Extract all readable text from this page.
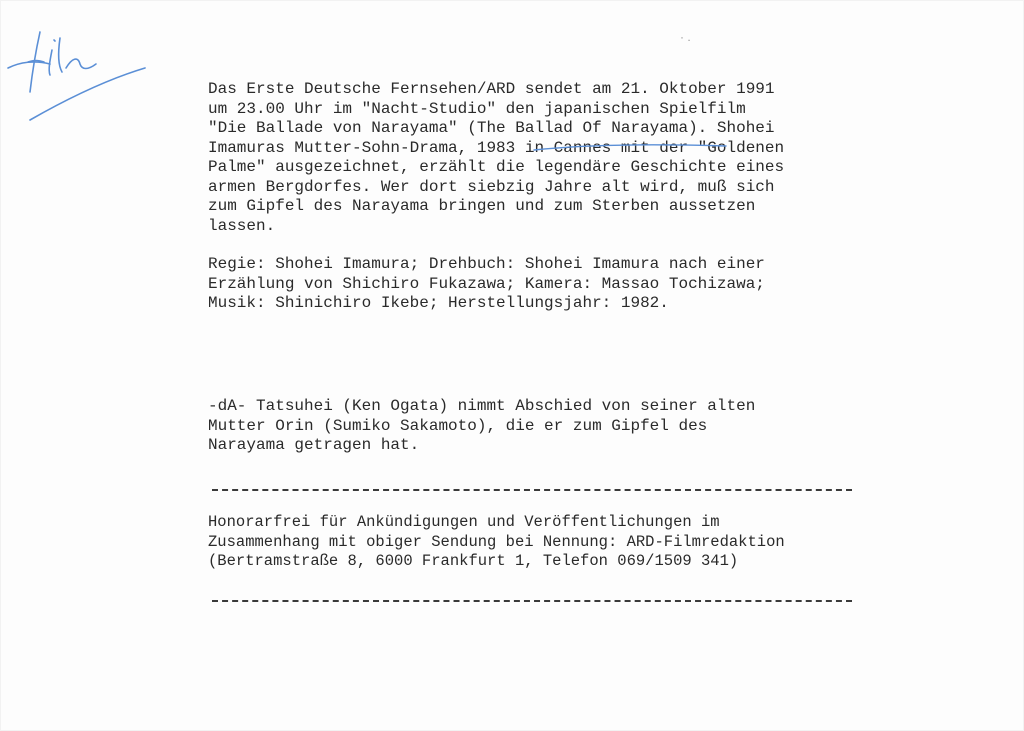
· .
Das Erste Deutsche Fernsehen/ARD sendet am 21. Oktober 1991
um 23.00 Uhr im "Nacht-Studio" den japanischen Spielfilm
"Die Ballade von Narayama" (The Ballad Of Narayama). Shohei
Imamuras Mutter-Sohn-Drama, 1983 in Cannes mit der "Goldenen
Palme" ausgezeichnet, erzählt die legendäre Geschichte eines
armen Bergdorfes. Wer dort siebzig Jahre alt wird, muß sich
zum Gipfel des Narayama bringen und zum Sterben aussetzen
lassen.
Regie: Shohei Imamura; Drehbuch: Shohei Imamura nach einer
Erzählung von Shichiro Fukazawa; Kamera: Massao Tochizawa;
Musik: Shinichiro Ikebe; Herstellungsjahr: 1982.
-dA- Tatsuhei (Ken Ogata) nimmt Abschied von seiner alten
Mutter Orin (Sumiko Sakamoto), die er zum Gipfel des
Narayama getragen hat.
Honorarfrei für Ankündigungen und Veröffentlichungen im
Zusammenhang mit obiger Sendung bei Nennung: ARD-Filmredaktion
(Bertramstraße 8, 6000 Frankfurt 1, Telefon 069/1509 341)
